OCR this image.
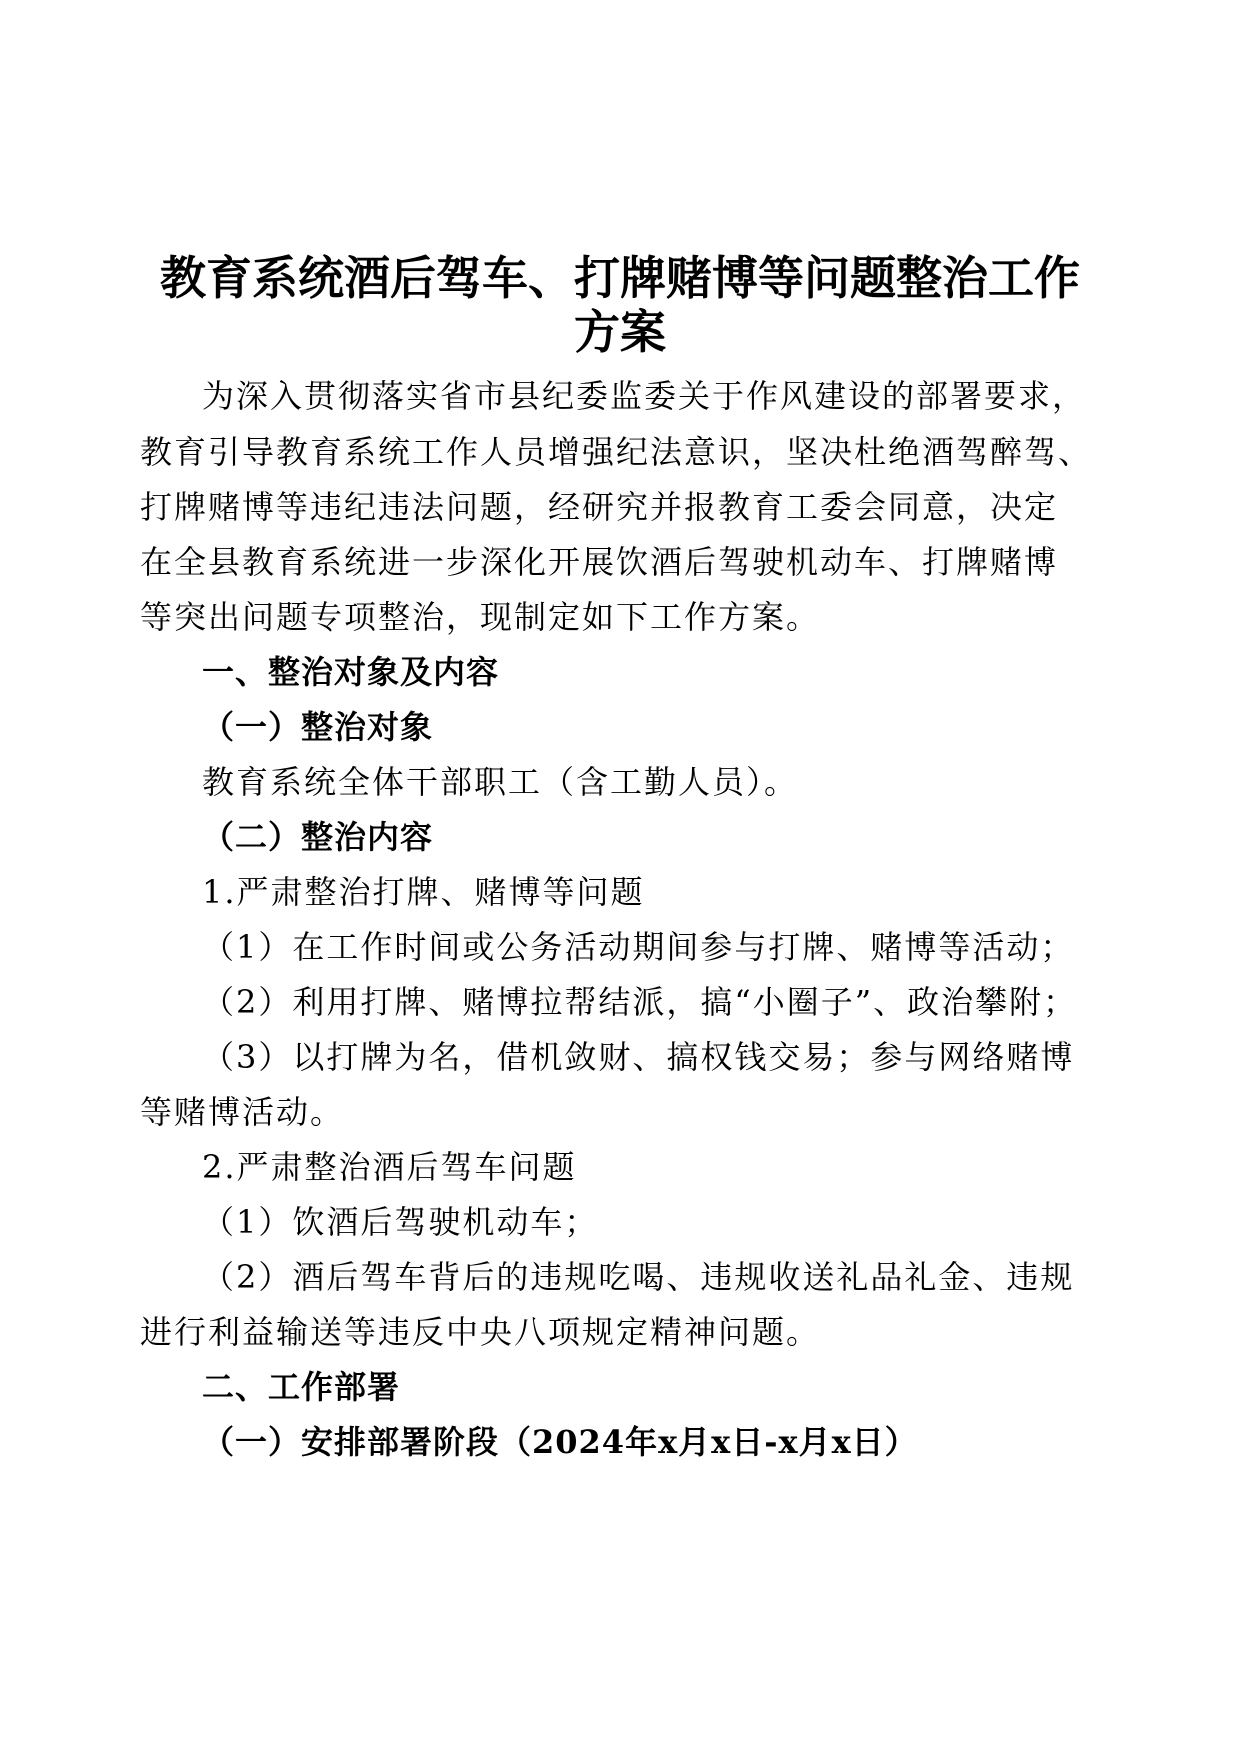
教育系统酒后驾车、打牌赌博等问题整治工作
方案
为深入贯彻落实省市县纪委监委关于作风建设的部署要求，
教育引导教育系统工作人员增强纪法意识，坚决杜绝酒驾醉驾、
打牌赌博等违纪违法问题，经研究并报教育工委会同意，决定
在全县教育系统进一步深化开展饮酒后驾驶机动车、打牌赌博
等突出问题专项整治，现制定如下工作方案。
一、整治对象及内容
（一）整治对象
教育系统全体干部职工（含工勤人员）。
（二）整治内容
1.严肃整治打牌、赌博等问题
（1）在工作时间或公务活动期间参与打牌、赌博等活动；
（2）利用打牌、赌博拉帮结派，搞“小圈子”、政治攀附；
（3）以打牌为名，借机敛财、搞权钱交易；参与网络赌博
等赌博活动。
2.严肃整治酒后驾车问题
（1）饮酒后驾驶机动车；
（2）酒后驾车背后的违规吃喝、违规收送礼品礼金、违规
进行利益输送等违反中央八项规定精神问题。
二、工作部署
（一）安排部署阶段（2024年x月x日-x月x日）
